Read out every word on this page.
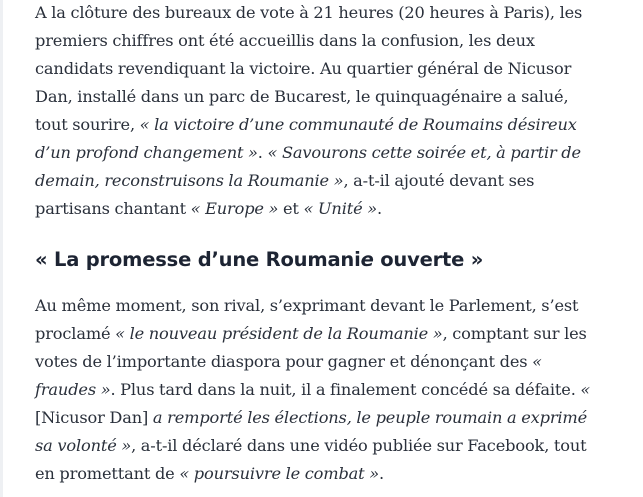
A la clôture des bureaux de vote à 21 heures (20 heures à Paris), les premiers chiffres ont été accueillis dans la confusion, les deux candidats revendiquant la victoire. Au quartier général de Nicusor Dan, installé dans un parc de Bucarest, le quinquagénaire a salué, tout sourire, « la victoire d’une communauté de Roumains désireux d’un profond changement ». « Savourons cette soirée et, à partir de demain, reconstruisons la Roumanie », a-t-il ajouté devant ses partisans chantant « Europe » et « Unité ».

« La promesse d’une Roumanie ouverte »

Au même moment, son rival, s’exprimant devant le Parlement, s’est proclamé « le nouveau président de la Roumanie », comptant sur les votes de l’importante diaspora pour gagner et dénonçant des « fraudes ». Plus tard dans la nuit, il a finalement concédé sa défaite. « [Nicusor Dan] a remporté les élections, le peuple roumain a exprimé sa volonté », a-t-il déclaré dans une vidéo publiée sur Facebook, tout en promettant de « poursuivre le combat ».
